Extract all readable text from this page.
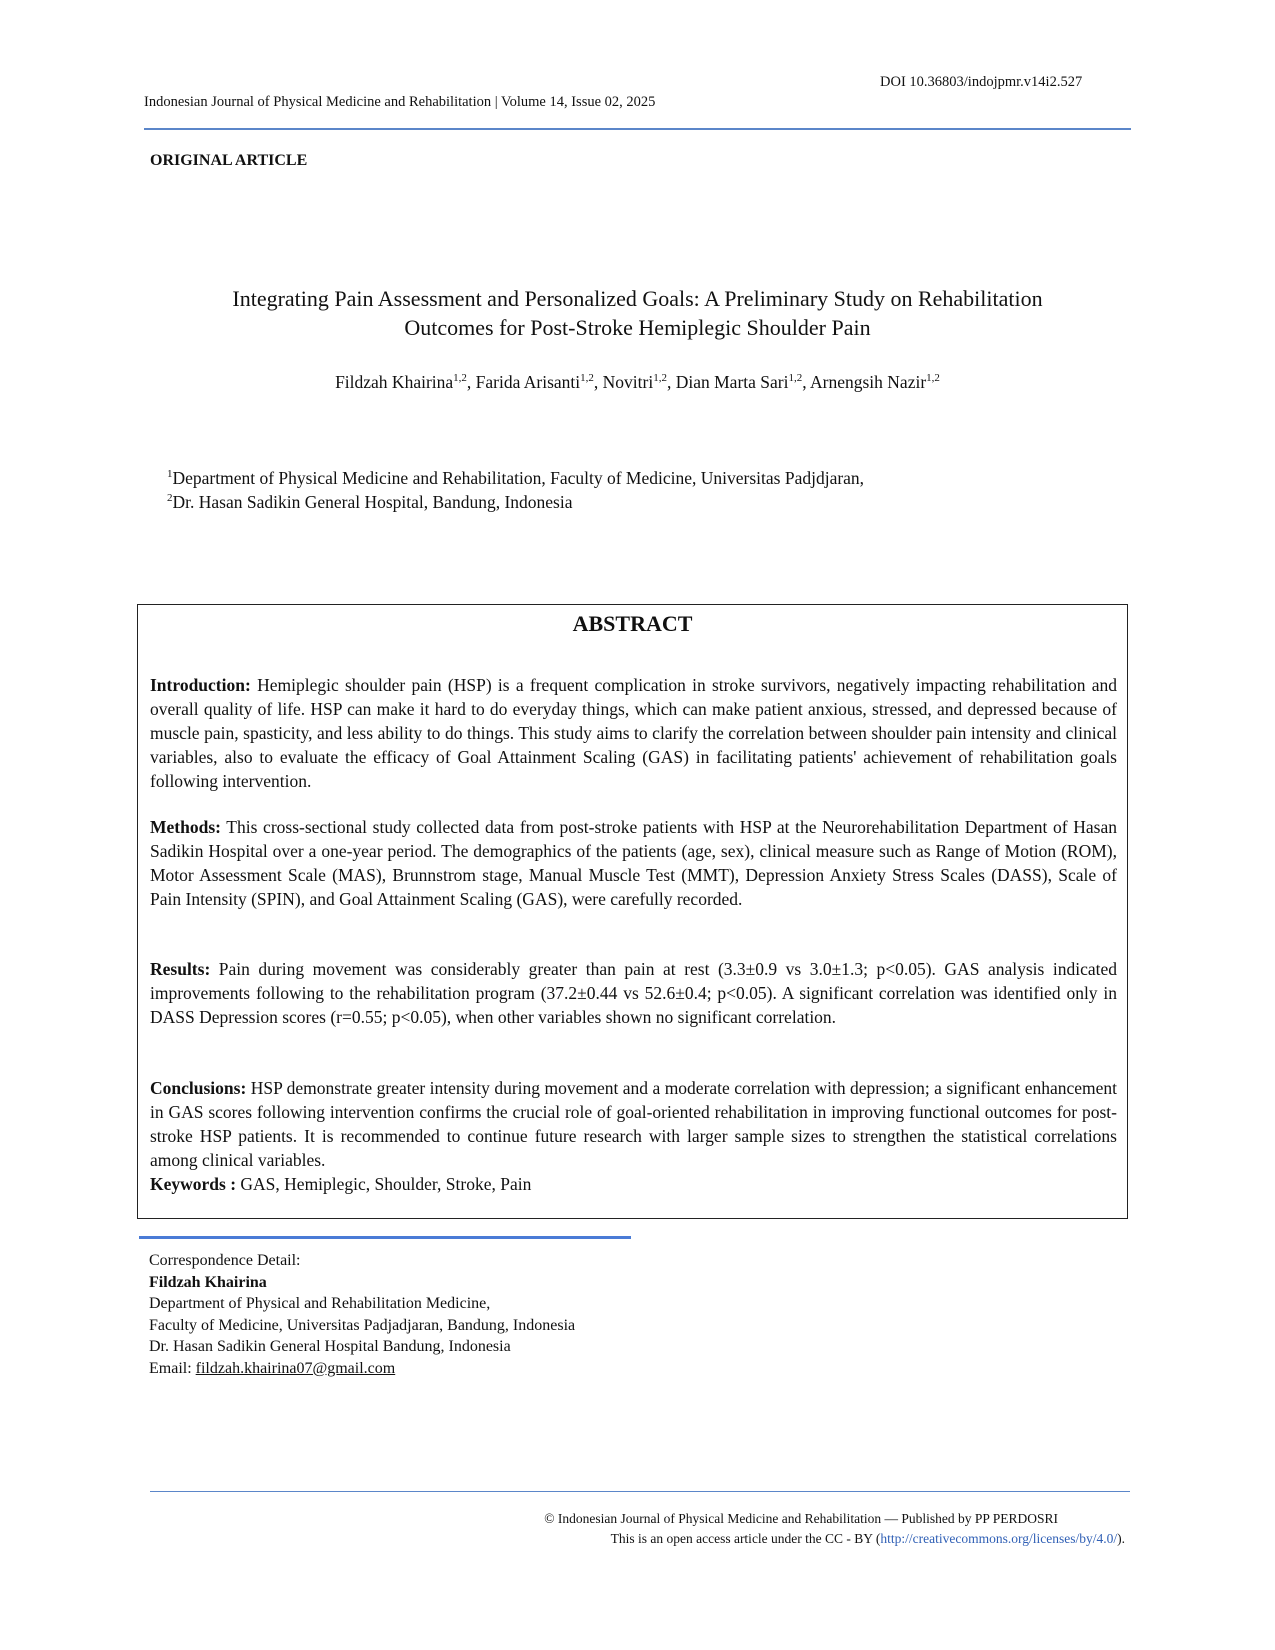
DOI 10.36803/indojpmr.v14i2.527
Indonesian Journal of Physical Medicine and Rehabilitation | Volume 14, Issue 02, 2025
ORIGINAL ARTICLE
Integrating Pain Assessment and Personalized Goals: A Preliminary Study on Rehabilitation
Outcomes for Post-Stroke Hemiplegic Shoulder Pain
Fildzah Khairina$^{1,2}$, Farida Arisanti$^{1,2}$, Novitri$^{1,2}$, Dian Marta Sari$^{1,2}$, Arnengsih Nazir$^{1,2}$
$^1$Department of Physical Medicine and Rehabilitation, Faculty of Medicine, Universitas Padjdjaran,
$^2$Dr. Hasan Sadikin General Hospital, Bandung, Indonesia
ABSTRACT
Introduction: Hemiplegic shoulder pain (HSP) is a frequent complication in stroke survivors, negatively impacting rehabilitation and overall quality of life. HSP can make it hard to do everyday things, which can make patient anxious, stressed, and depressed because of muscle pain, spasticity, and less ability to do things. This study aims to clarify the correlation between shoulder pain intensity and clinical variables, also to evaluate the efficacy of Goal Attainment Scaling (GAS) in facilitating patients' achievement of rehabilitation goals following intervention.
Methods: This cross-sectional study collected data from post-stroke patients with HSP at the Neurorehabilitation Department of Hasan Sadikin Hospital over a one-year period. The demographics of the patients (age, sex), clinical measure such as Range of Motion (ROM), Motor Assessment Scale (MAS), Brunnstrom stage, Manual Muscle Test (MMT), Depression Anxiety Stress Scales (DASS), Scale of Pain Intensity (SPIN), and Goal Attainment Scaling (GAS), were carefully recorded.
Results: Pain during movement was considerably greater than pain at rest (3.3±0.9 vs 3.0±1.3; p<0.05). GAS analysis indicated improvements following to the rehabilitation program (37.2±0.44 vs 52.6±0.4; p<0.05). A significant correlation was identified only in DASS Depression scores (r=0.55; p<0.05), when other variables shown no significant correlation.
Conclusions: HSP demonstrate greater intensity during movement and a moderate correlation with depression; a significant enhancement in GAS scores following intervention confirms the crucial role of goal-oriented rehabilitation in improving functional outcomes for post-stroke HSP patients. It is recommended to continue future research with larger sample sizes to strengthen the statistical correlations among clinical variables.
Keywords : GAS, Hemiplegic, Shoulder, Stroke, Pain
Correspondence Detail:
Fildzah Khairina
Department of Physical and Rehabilitation Medicine,
Faculty of Medicine, Universitas Padjadjaran, Bandung, Indonesia
Dr. Hasan Sadikin General Hospital Bandung, Indonesia
Email: fildzah.khairina07@gmail.com
© Indonesian Journal of Physical Medicine and Rehabilitation — Published by PP PERDOSRI
This is an open access article under the CC - BY (http://creativecommons.org/licenses/by/4.0/).
